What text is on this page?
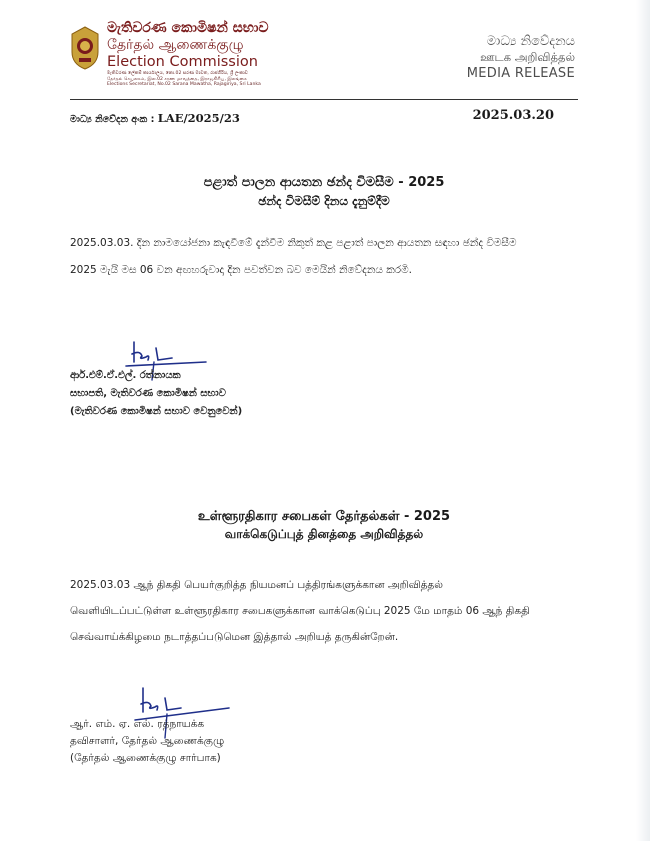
මැතිවරණ කොමිෂන් සභාව
தேர்தல் ஆணைக்குழு
Election Commission
මැතිවරණ ලේකම් කාර්යාලය, නො.02 සරණ මාවත, රාජගිරිය, ශ්‍රී ලංකාව
தேர்தல் செயலகம், இல.02 சரண மாவத்தை, இராஜகிரிய, இலங்கை
Elections Secretariat, No.02 Sarana Mawatha, Rajagiriya, Sri Lanka
මාධ්‍ය නිවේදනය
ஊடக அறிவித்தல்
MEDIA RELEASE
මාධ්‍ය නිවේදන අංක : LAE/2025/23	2025.03.20
පළාත් පාලන ආයතන ඡන්ද විමසීම - 2025
ඡන්ද විමසීම් දිනය දැනුම්දීම
2025.03.03. දින නාමයෝජනා කැඳවීමේ දැන්වීම නිකුත් කළ පළාත් පාලන ආයතන සඳහා ඡන්ද විමසීම
2025 මැයි මස 06 වන අඟහරුවාදා දින පවත්වන බව මෙයින් නිවේදනය කරමි.
ආර්.එම්.ඒ.එල්. රත්නායක
සභාපති, මැතිවරණ කොමිෂන් සභාව
(මැතිවරණ කොමිෂන් සභාව වෙනුවෙන්)
உள்ளூரதிகார சபைகள் தேர்தல்கள் - 2025
வாக்கெடுப்புத் தினத்தை அறிவித்தல்
2025.03.03 ஆந் திகதி பெயர்குறித்த நியமனப் பத்திரங்களுக்கான அறிவித்தல்
வெளியிடப்பட்டுள்ள உள்ளூரதிகார சபைகளுக்கான வாக்கெடுப்பு 2025 மே மாதம் 06 ஆந் திகதி
செவ்வாய்க்கிழமை நடாத்தப்படுமென இத்தால் அறியத் தருகின்றேன்.
ஆர். எம். ஏ. எல். ரத்நாயக்க
தவிசாளர், தேர்தல் ஆணைக்குழு
(தேர்தல் ஆணைக்குழு சார்பாக)
